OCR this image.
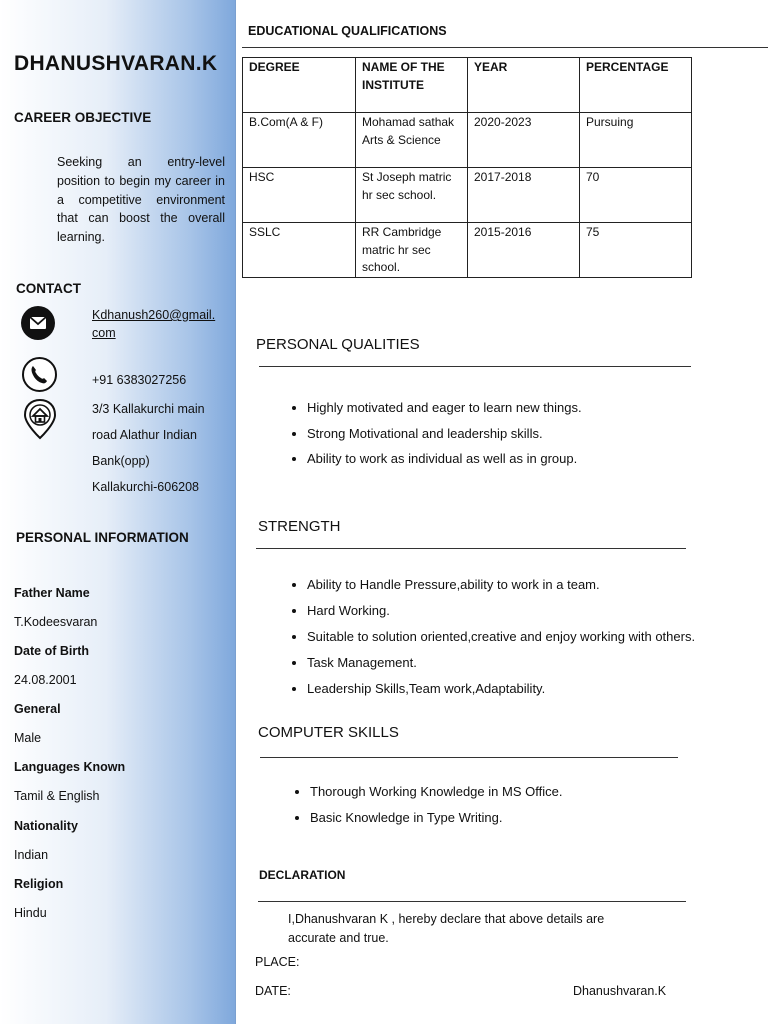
DHANUSHVARAN.K
CAREER OBJECTIVE
Seeking an entry-level position to begin my career in a competitive environment that can boost the overall learning.
CONTACT
Kdhanush260@gmail.
com
+91 6383027256
3/3 Kallakurchi main
road Alathur Indian
Bank(opp)
Kallakurchi-606208
PERSONAL INFORMATION
Father Name
T.Kodeesvaran
Date of Birth
24.08.2001
General
Male
Languages Known
Tamil & English
Nationality
Indian
Religion
Hindu
EDUCATIONAL QUALIFICATIONS
DEGREE	NAME OF THE INSTITUTE	YEAR	PERCENTAGE
B.Com(A & F)	Mohamad sathak Arts & Science	2020-2023	Pursuing
HSC	St Joseph matric hr sec school.	2017-2018	70
SSLC	RR Cambridge matric hr sec school.	2015-2016	75
PERSONAL QUALITIES
• Highly motivated and eager to learn new things.
• Strong Motivational and leadership skills.
• Ability to work as individual as well as in group.
STRENGTH
• Ability to Handle Pressure,ability to work in a team.
• Hard Working.
• Suitable to solution oriented,creative and enjoy working with others.
• Task Management.
• Leadership Skills,Team work,Adaptability.
COMPUTER SKILLS
• Thorough Working Knowledge in MS Office.
• Basic Knowledge in Type Writing.
DECLARATION
I,Dhanushvaran K , hereby declare that above details are
accurate and true.
PLACE:
DATE:	Dhanushvaran.K
